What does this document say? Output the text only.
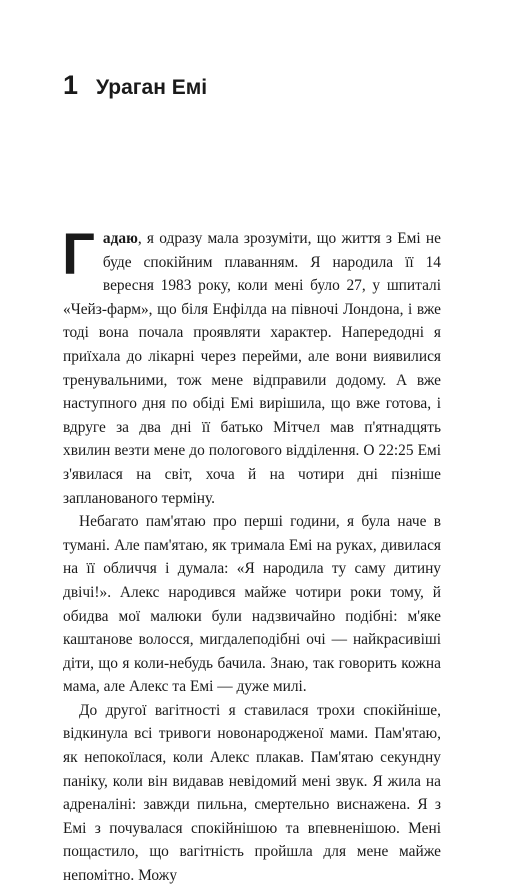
1 Ураган Емі

Гадаю, я одразу мала зрозуміти, що життя з Емі не буде спокійним плаванням. Я народила її 14 вересня 1983 року, коли мені було 27, у шпиталі «Чейз-фарм», що біля Енфілда на півночі Лондона, і вже тоді вона почала проявляти характер. Напередодні я приїхала до лікарні через перейми, але вони виявилися тренувальними, тож мене відправили додому. А вже наступного дня по обіді Емі вирішила, що вже готова, і вдруге за два дні її батько Мітчел мав п'ятнадцять хвилин везти мене до пологового відділення. О 22:25 Емі з'явилася на світ, хоча й на чотири дні пізніше запланованого терміну.

Небагато пам'ятаю про перші години, я була наче в тумані. Але пам'ятаю, як тримала Емі на руках, дивилася на її обличчя і думала: «Я народила ту саму дитину двічі!». Алекс народився майже чотири роки тому, й обидва мої малюки були надзвичайно подібні: м'яке каштанове волосся, мигдалеподібні очі — найкрасивіші діти, що я коли-небудь бачила. Знаю, так говорить кожна мама, але Алекс та Емі — дуже милі.

До другої вагітності я ставилася трохи спокійніше, відкинула всі тривоги новонародженої мами. Пам'ятаю, як непокоїлася, коли Алекс плакав. Пам'ятаю секундну паніку, коли він видавав невідомий мені звук. Я жила на адреналіні: завжди пильна, смертельно виснажена. Я з Емі з почувалася спокійнішою та впевненішою. Мені пощастило, що вагітність пройшла для мене майже непомітно. Можу
